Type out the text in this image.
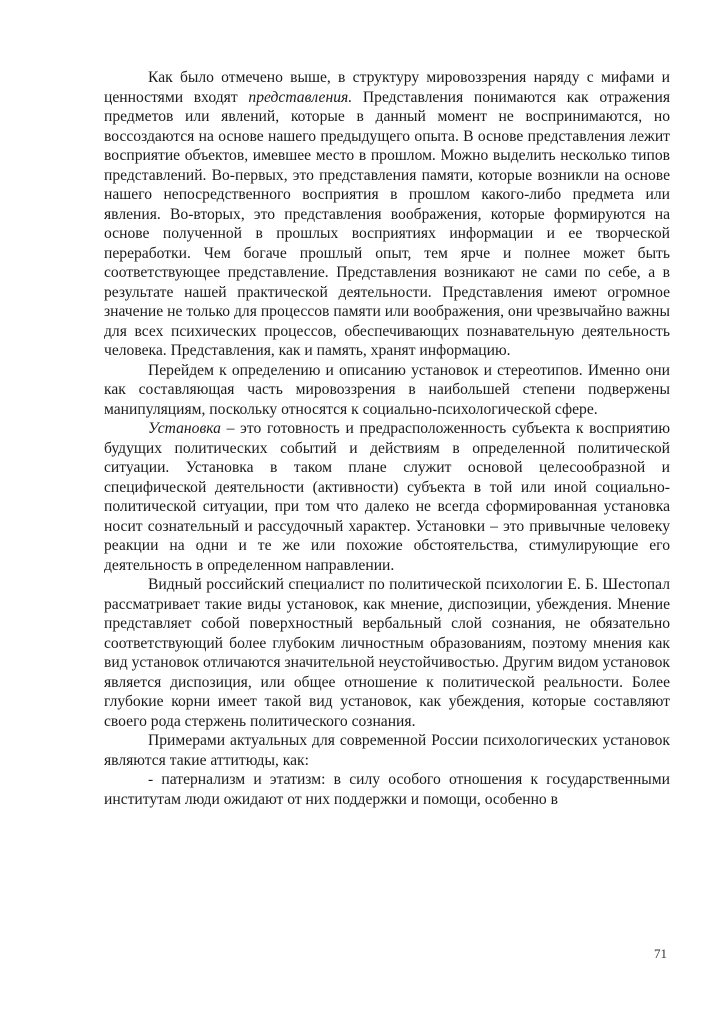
Как было отмечено выше, в структуру мировоззрения наряду с мифами и ценностями входят представления. Представления понимаются как отражения предметов или явлений, которые в данный момент не воспринимаются, но воссоздаются на основе нашего предыдущего опыта. В основе представления лежит восприятие объектов, имевшее место в прошлом. Можно выделить несколько типов представлений. Во-первых, это представления памяти, которые возникли на основе нашего непосредственного восприятия в прошлом какого-либо предмета или явления. Во-вторых, это представления воображения, которые формируются на основе полученной в прошлых восприятиях информации и ее творческой переработки. Чем богаче прошлый опыт, тем ярче и полнее может быть соответствующее представление. Представления возникают не сами по себе, а в результате нашей практической деятельности. Представления имеют огромное значение не только для процессов памяти или воображения, они чрезвычайно важны для всех психических процессов, обеспечивающих познавательную деятельность человека. Представления, как и память, хранят информацию.

Перейдем к определению и описанию установок и стереотипов. Именно они как составляющая часть мировоззрения в наибольшей степени подвержены манипуляциям, поскольку относятся к социально-психологической сфере.

Установка – это готовность и предрасположенность субъекта к восприятию будущих политических событий и действиям в определенной политической ситуации. Установка в таком плане служит основой целесообразной и специфической деятельности (активности) субъекта в той или иной социально-политической ситуации, при том что далеко не всегда сформированная установка носит сознательный и рассудочный характер. Установки – это привычные человеку реакции на одни и те же или похожие обстоятельства, стимулирующие его деятельность в определенном направлении.

Видный российский специалист по политической психологии Е. Б. Шестопал рассматривает такие виды установок, как мнение, диспозиции, убеждения. Мнение представляет собой поверхностный вербальный слой сознания, не обязательно соответствующий более глубоким личностным образованиям, поэтому мнения как вид установок отличаются значительной неустойчивостью. Другим видом установок является диспозиция, или общее отношение к политической реальности. Более глубокие корни имеет такой вид установок, как убеждения, которые составляют своего рода стержень политического сознания.

Примерами актуальных для современной России психологических установок являются такие аттитюды, как:

- патернализм и этатизм: в силу особого отношения к государственными институтам люди ожидают от них поддержки и помощи, особенно в

71
